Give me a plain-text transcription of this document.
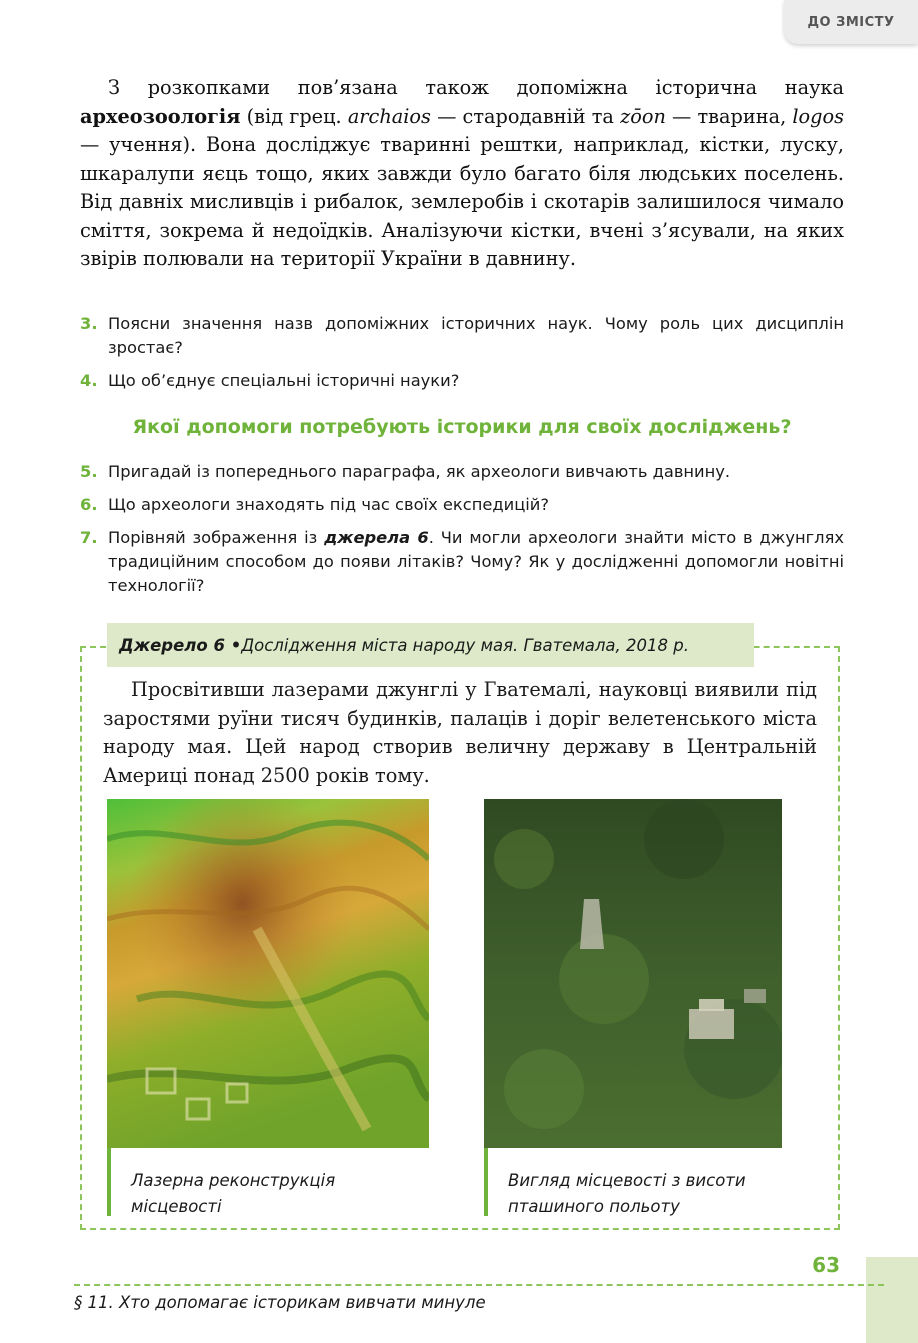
ДО ЗМІСТУ

З розкопками пов’язана також допоміжна історична наука археозоологія (від грец. archaios — стародавній та zōon — тварина, logos — учення). Вона досліджує тваринні рештки, наприклад, кістки, луску, шкаралупи яєць тощо, яких завжди було багато біля людських поселень. Від давніх мисливців і рибалок, землеробів і скотарів залишилося чимало сміття, зокрема й недоїдків. Аналізуючи кістки, вчені з’ясували, на яких звірів полювали на території України в давнину.

3. Поясни значення назв допоміжних історичних наук. Чому роль цих дисциплін зростає?
4. Що об’єднує спеціальні історичні науки?
Якої допомоги потребують історики для своїх досліджень?
5. Пригадай із попереднього параграфа, як археологи вивчають давнину.
6. Що археологи знаходять під час своїх експедицій?
7. Порівняй зображення із джерела 6. Чи могли археологи знайти місто в джунглях традиційним способом до появи літаків? Чому? Як у дослідженні допомогли новітні технології?
Джерело 6 • Дослідження міста народу мая. Гватемала, 2018 р.

Просвітивши лазерами джунглі у Гватемалі, науковці виявили під заростями руїни тисяч будинків, палаців і доріг велетенського міста народу мая. Цей народ створив величну державу в Центральній Америці понад 2500 років тому.

Лазерна реконструкція місцевості
Вигляд місцевості з висоти пташиного польоту
63
§ 11. Хто допомагає історикам вивчати минуле
